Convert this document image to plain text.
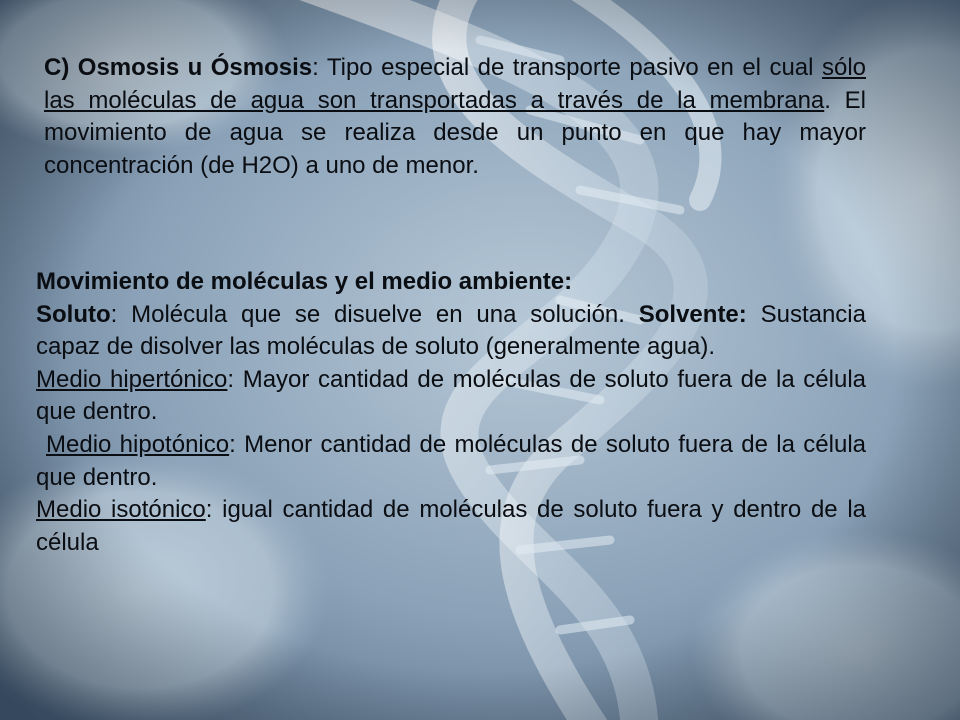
C) Osmosis u Ósmosis: Tipo especial de transporte pasivo en el cual sólo las moléculas de agua son transportadas a través de la membrana. El movimiento de agua se realiza desde un punto en que hay mayor concentración (de H2O) a uno de menor.

Movimiento de moléculas y el medio ambiente:

Soluto: Molécula que se disuelve en una solución. Solvente: Sustancia capaz de disolver las moléculas de soluto (generalmente agua).

Medio hipertónico: Mayor cantidad de moléculas de soluto fuera de la célula que dentro.

Medio hipotónico: Menor cantidad de moléculas de soluto fuera de la célula que dentro.

Medio isotónico: igual cantidad de moléculas de soluto fuera y dentro de la célula
